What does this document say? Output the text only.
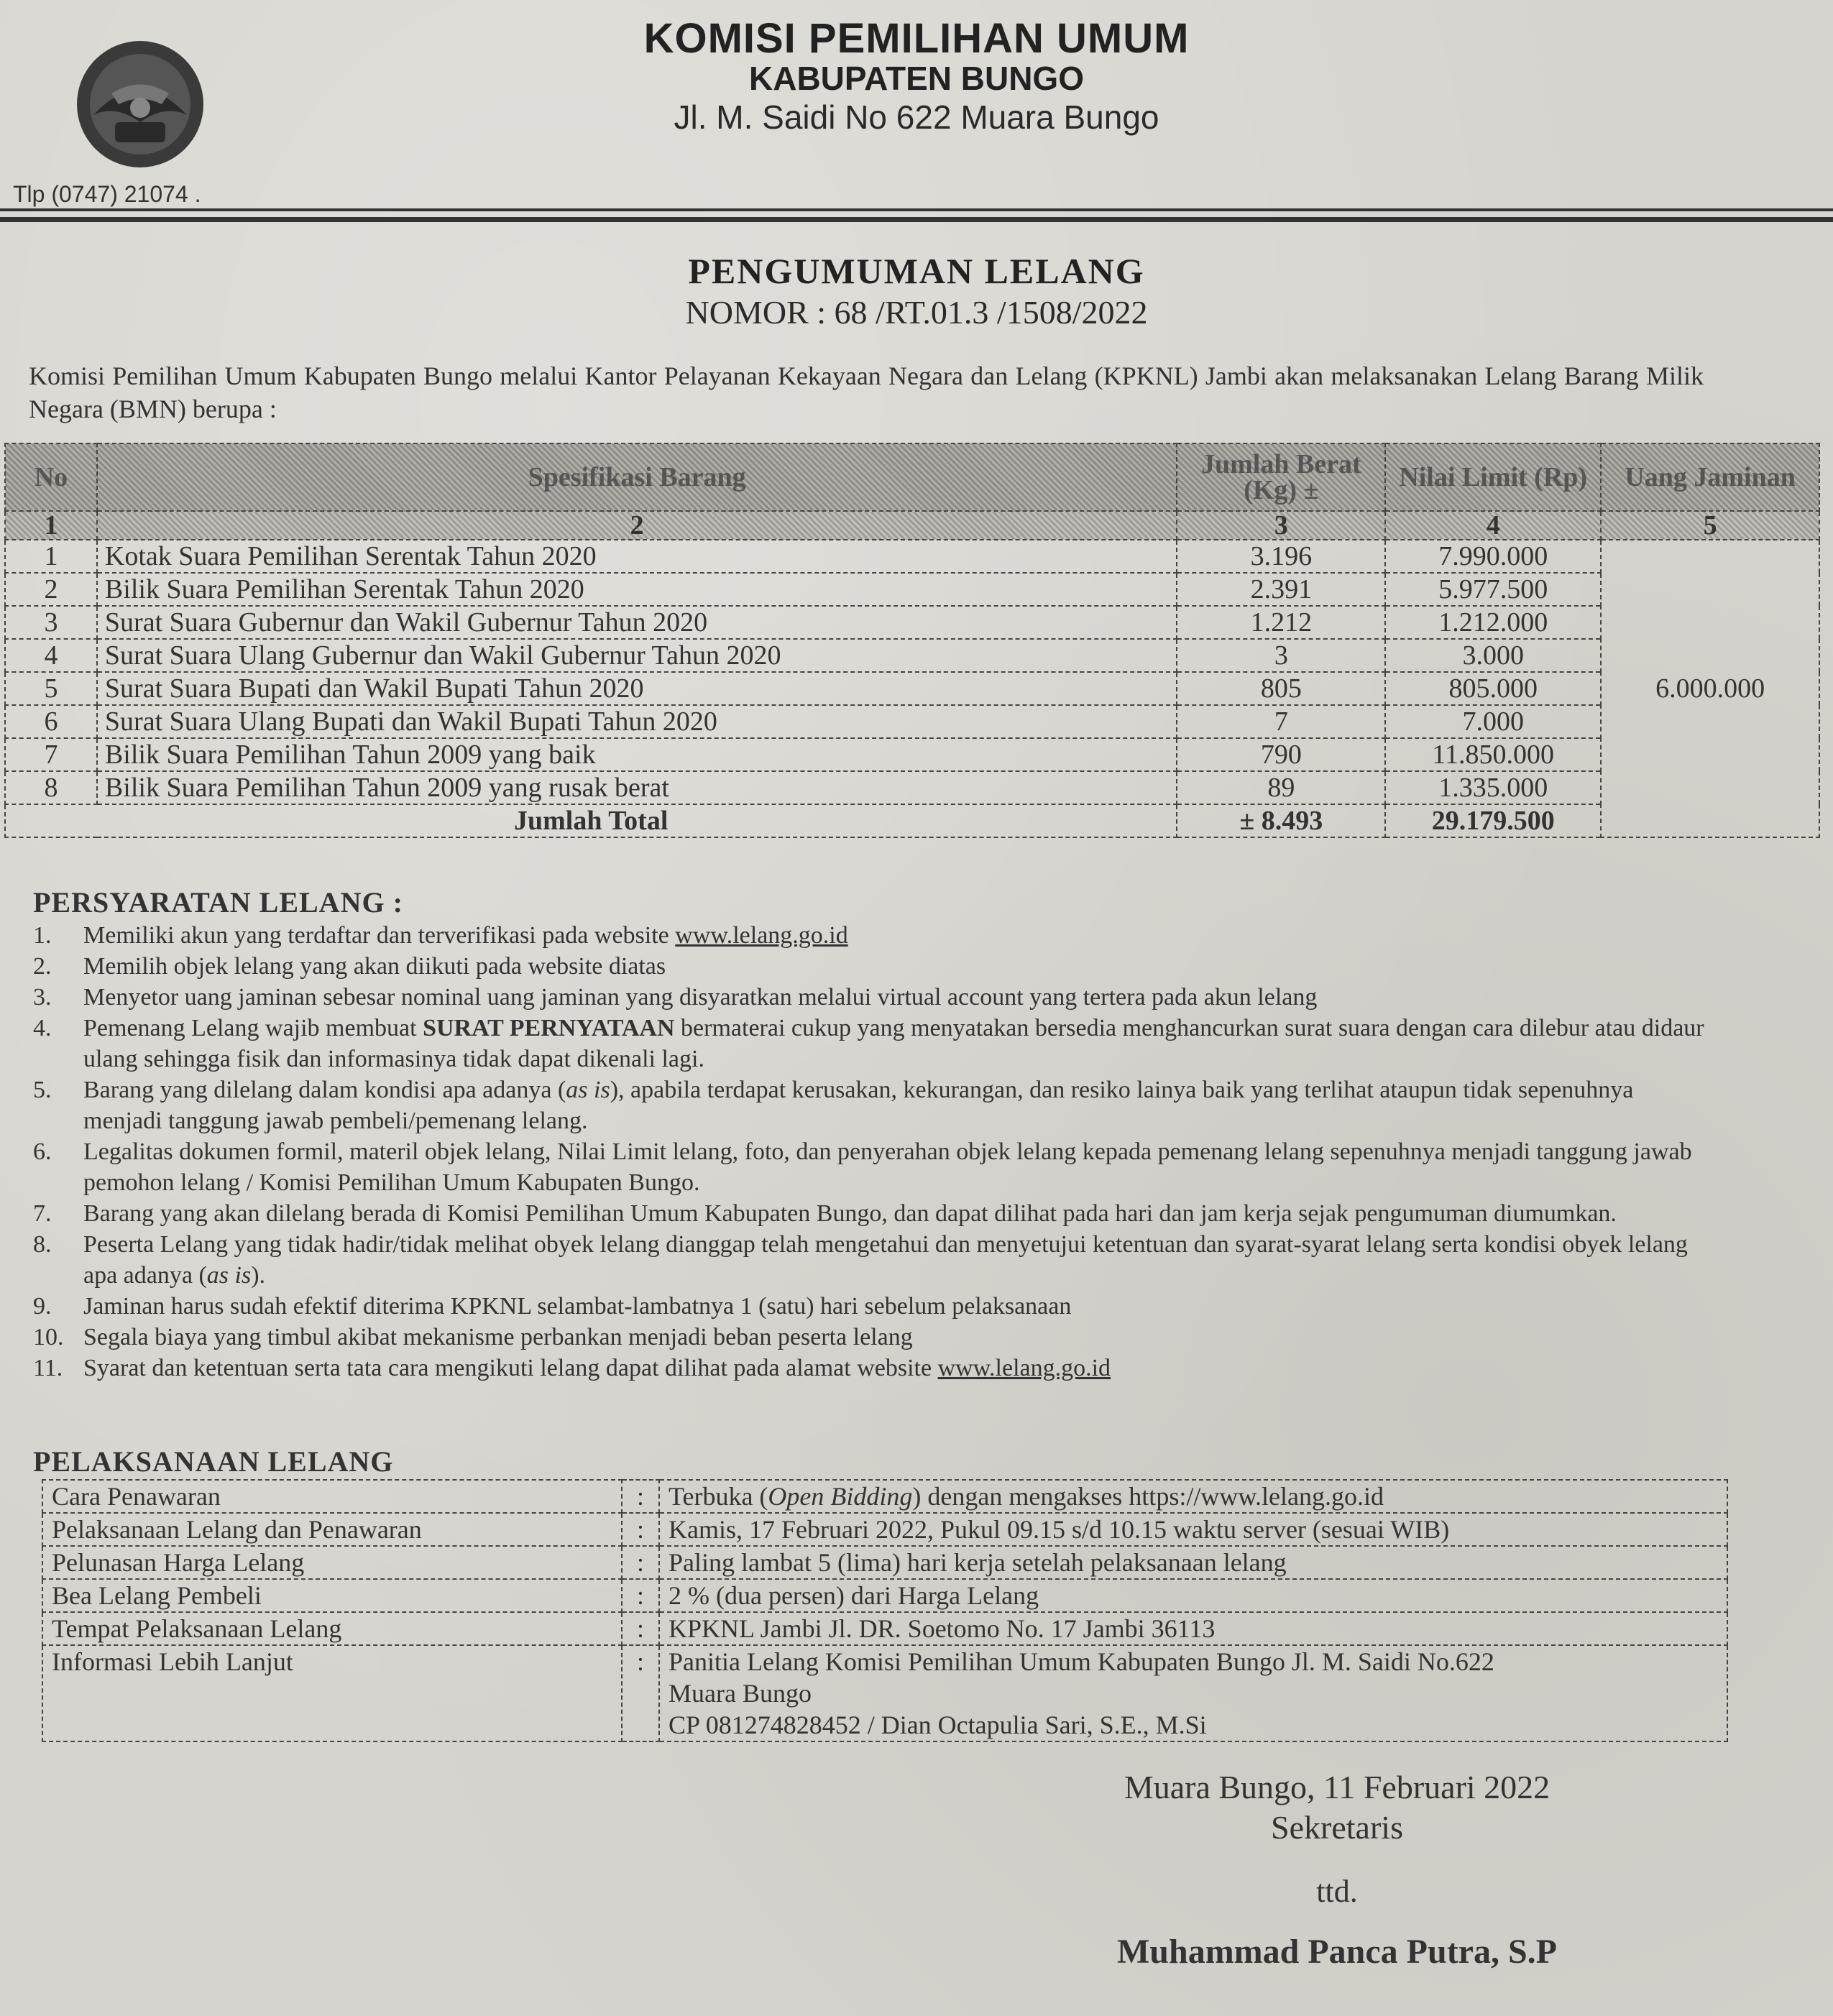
KOMISI PEMILIHAN UMUM
KABUPATEN BUNGO
Jl. M. Saidi No 622 Muara Bungo
Tlp (0747) 21074 .
PENGUMUMAN LELANG
NOMOR : 68 /RT.01.3 /1508/2022
Komisi Pemilihan Umum Kabupaten Bungo melalui Kantor Pelayanan Kekayaan Negara dan Lelang (KPKNL) Jambi akan melaksanakan Lelang Barang Milik Negara (BMN) berupa :
No	Spesifikasi Barang	Jumlah Berat (Kg) ±	Nilai Limit (Rp)	Uang Jaminan
1	2	3	4	5
1	Kotak Suara Pemilihan Serentak Tahun 2020	3.196	7.990.000	6.000.000
2	Bilik Suara Pemilihan Serentak Tahun 2020	2.391	5.977.500	
3	Surat Suara Gubernur dan Wakil Gubernur Tahun 2020	1.212	1.212.000	
4	Surat Suara Ulang Gubernur dan Wakil Gubernur Tahun 2020	3	3.000	
5	Surat Suara Bupati dan Wakil Bupati Tahun 2020	805	805.000	
6	Surat Suara Ulang Bupati dan Wakil Bupati Tahun 2020	7	7.000	
7	Bilik Suara Pemilihan Tahun 2009 yang baik	790	11.850.000	
8	Bilik Suara Pemilihan Tahun 2009 yang rusak berat	89	1.335.000	
Jumlah Total		± 8.493	29.179.500	
PERSYARATAN LELANG :
1. Memiliki akun yang terdaftar dan terverifikasi pada website www.lelang.go.id
2. Memilih objek lelang yang akan diikuti pada website diatas
3. Menyetor uang jaminan sebesar nominal uang jaminan yang disyaratkan melalui virtual account yang tertera pada akun lelang
4. Pemenang Lelang wajib membuat SURAT PERNYATAAN bermaterai cukup yang menyatakan bersedia menghancurkan surat suara dengan cara dilebur atau didaur ulang sehingga fisik dan informasinya tidak dapat dikenali lagi.
5. Barang yang dilelang dalam kondisi apa adanya (as is), apabila terdapat kerusakan, kekurangan, dan resiko lainya baik yang terlihat ataupun tidak sepenuhnya menjadi tanggung jawab pembeli/pemenang lelang.
6. Legalitas dokumen formil, materil objek lelang, Nilai Limit lelang, foto, dan penyerahan objek lelang kepada pemenang lelang sepenuhnya menjadi tanggung jawab pemohon lelang / Komisi Pemilihan Umum Kabupaten Bungo.
7. Barang yang akan dilelang berada di Komisi Pemilihan Umum Kabupaten Bungo, dan dapat dilihat pada hari dan jam kerja sejak pengumuman diumumkan.
8. Peserta Lelang yang tidak hadir/tidak melihat obyek lelang dianggap telah mengetahui dan menyetujui ketentuan dan syarat-syarat lelang serta kondisi obyek lelang apa adanya (as is).
9. Jaminan harus sudah efektif diterima KPKNL selambat-lambatnya 1 (satu) hari sebelum pelaksanaan
10. Segala biaya yang timbul akibat mekanisme perbankan menjadi beban peserta lelang
11. Syarat dan ketentuan serta tata cara mengikuti lelang dapat dilihat pada alamat website www.lelang.go.id
PELAKSANAAN LELANG
Cara Penawaran	:	Terbuka (Open Bidding) dengan mengakses https://www.lelang.go.id
Pelaksanaan Lelang dan Penawaran	:	Kamis, 17 Februari 2022, Pukul 09.15 s/d 10.15 waktu server (sesuai WIB)
Pelunasan Harga Lelang	:	Paling lambat 5 (lima) hari kerja setelah pelaksanaan lelang
Bea Lelang Pembeli	:	2 % (dua persen) dari Harga Lelang
Tempat Pelaksanaan Lelang	:	KPKNL Jambi Jl. DR. Soetomo No. 17 Jambi 36113
Informasi Lebih Lanjut	:	Panitia Lelang Komisi Pemilihan Umum Kabupaten Bungo Jl. M. Saidi No.622
Muara Bungo
CP 081274828452 / Dian Octapulia Sari, S.E., M.Si
Muara Bungo, 11 Februari 2022
Sekretaris
ttd.
Muhammad Panca Putra, S.P
